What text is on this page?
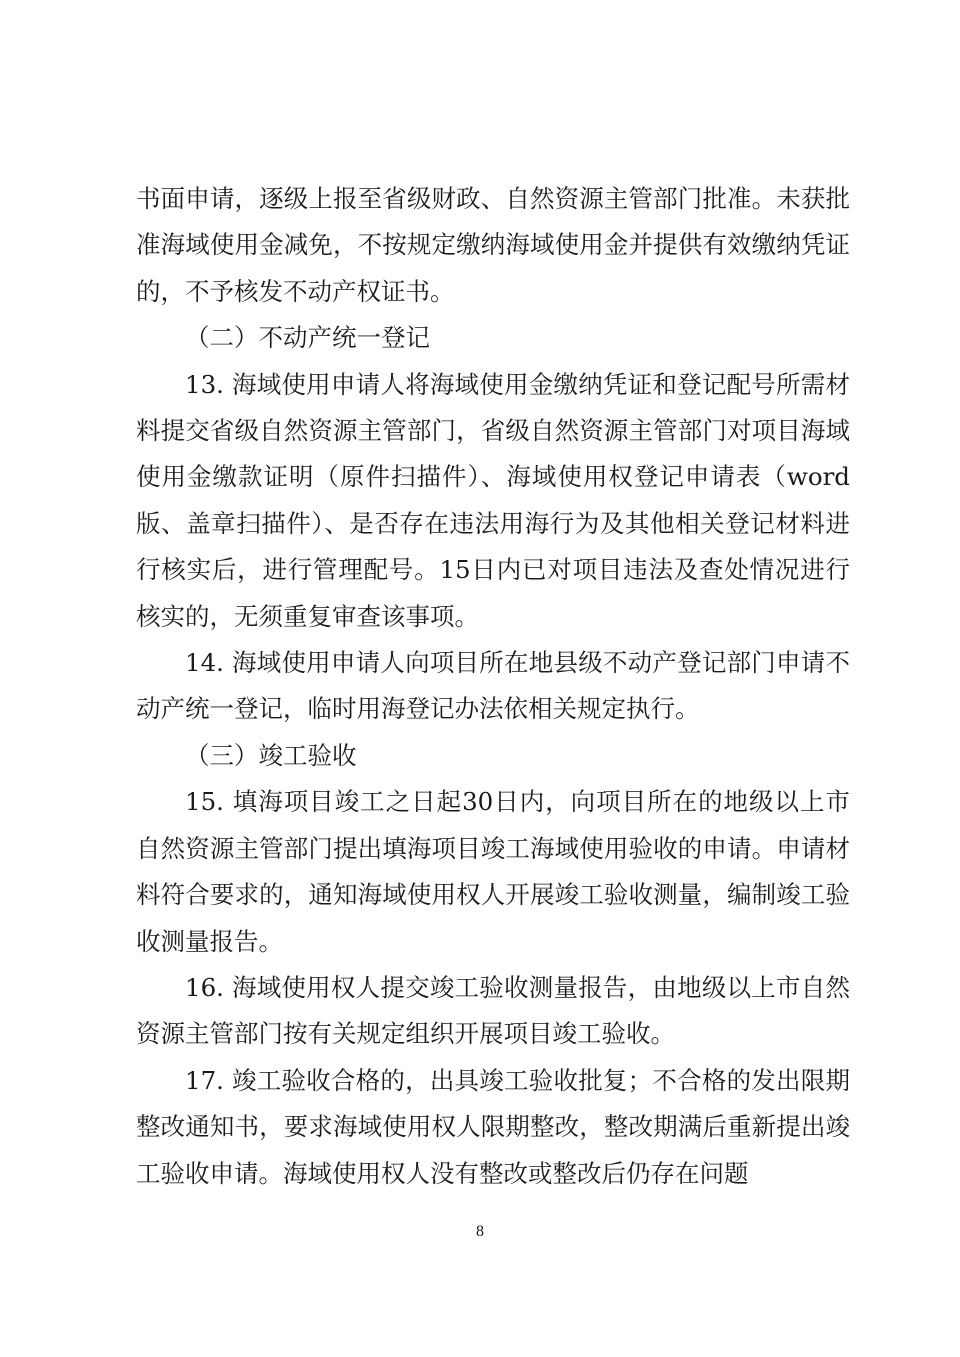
书面申请，逐级上报至省级财政、自然资源主管部门批准。未获批准海域使用金减免，不按规定缴纳海域使用金并提供有效缴纳凭证的，不予核发不动产权证书。

（二）不动产统一登记

13. 海域使用申请人将海域使用金缴纳凭证和登记配号所需材料提交省级自然资源主管部门，省级自然资源主管部门对项目海域使用金缴款证明（原件扫描件）、海域使用权登记申请表（word版、盖章扫描件）、是否存在违法用海行为及其他相关登记材料进行核实后，进行管理配号。15日内已对项目违法及查处情况进行核实的，无须重复审查该事项。

14. 海域使用申请人向项目所在地县级不动产登记部门申请不动产统一登记，临时用海登记办法依相关规定执行。

（三）竣工验收

15. 填海项目竣工之日起30日内，向项目所在的地级以上市自然资源主管部门提出填海项目竣工海域使用验收的申请。申请材料符合要求的，通知海域使用权人开展竣工验收测量，编制竣工验收测量报告。

16. 海域使用权人提交竣工验收测量报告，由地级以上市自然资源主管部门按有关规定组织开展项目竣工验收。

17. 竣工验收合格的，出具竣工验收批复；不合格的发出限期整改通知书，要求海域使用权人限期整改，整改期满后重新提出竣工验收申请。海域使用权人没有整改或整改后仍存在问题

8
